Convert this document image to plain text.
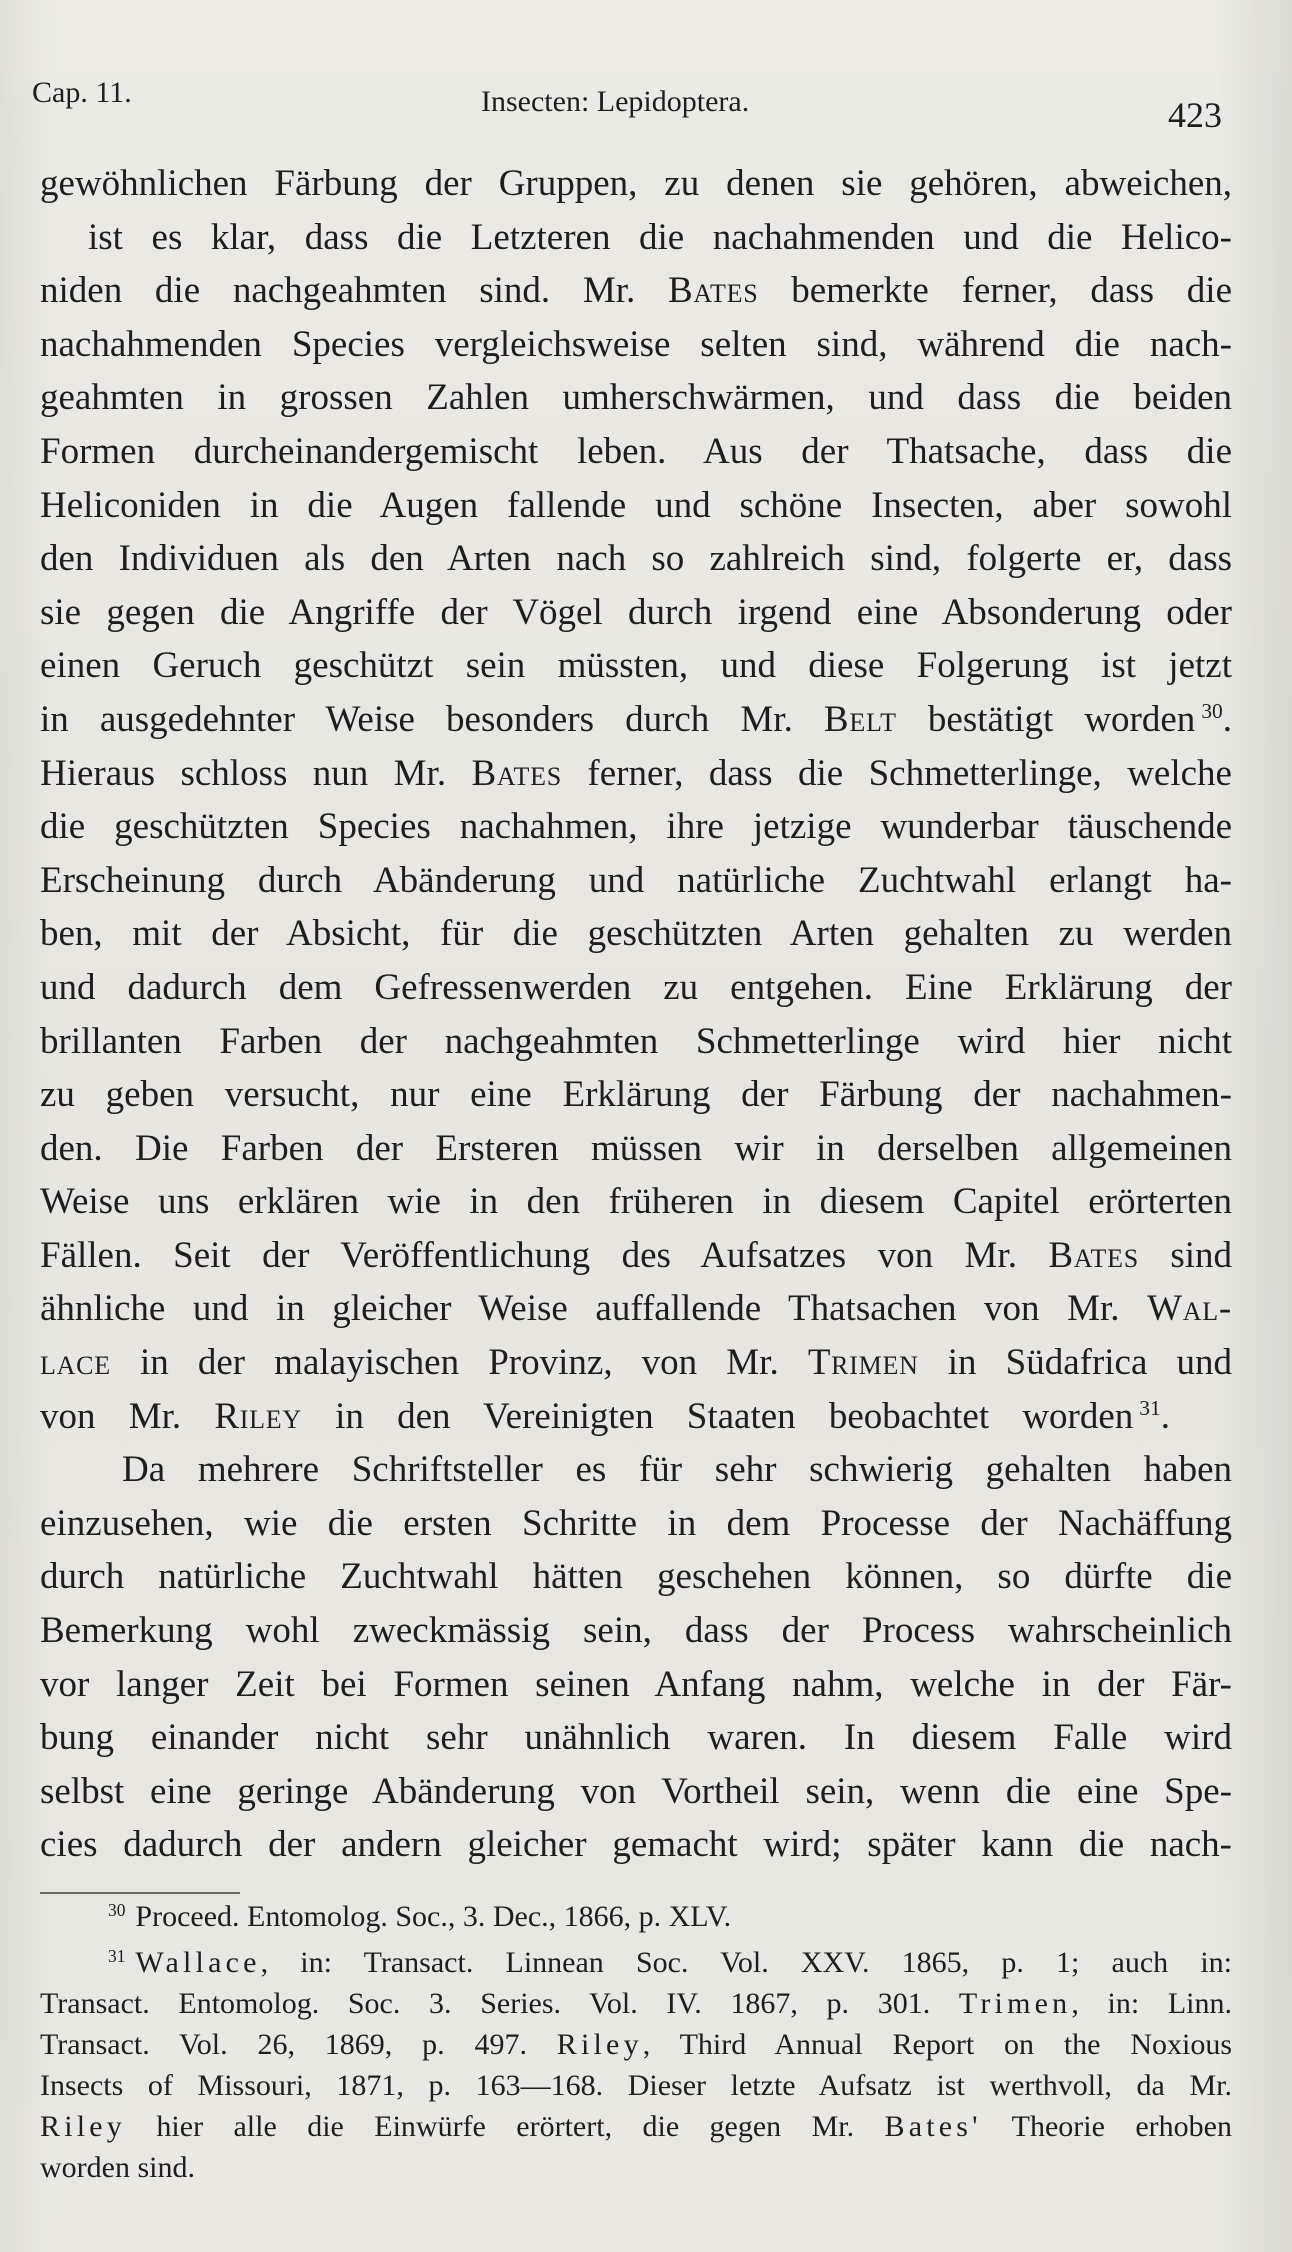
Cap. 11.	Insecten: Lepidoptera.	423
gewöhnlichen Färbung der Gruppen, zu denen sie gehören, abweichen,
ist es klar, dass die Letzteren die nachahmenden und die Helico-
niden die nachgeahmten sind. Mr. Bates bemerkte ferner, dass die
nachahmenden Species vergleichsweise selten sind, während die nach-
geahmten in grossen Zahlen umherschwärmen, und dass die beiden
Formen durcheinandergemischt leben. Aus der Thatsache, dass die
Heliconiden in die Augen fallende und schöne Insecten, aber sowohl
den Individuen als den Arten nach so zahlreich sind, folgerte er, dass
sie gegen die Angriffe der Vögel durch irgend eine Absonderung oder
einen Geruch geschützt sein müssten, und diese Folgerung ist jetzt
in ausgedehnter Weise besonders durch Mr. Belt bestätigt worden $^{30}$.
Hieraus schloss nun Mr. Bates ferner, dass die Schmetterlinge, welche
die geschützten Species nachahmen, ihre jetzige wunderbar täuschende
Erscheinung durch Abänderung und natürliche Zuchtwahl erlangt ha-
ben, mit der Absicht, für die geschützten Arten gehalten zu werden
und dadurch dem Gefressenwerden zu entgehen. Eine Erklärung der
brillanten Farben der nachgeahmten Schmetterlinge wird hier nicht
zu geben versucht, nur eine Erklärung der Färbung der nachahmen-
den. Die Farben der Ersteren müssen wir in derselben allgemeinen
Weise uns erklären wie in den früheren in diesem Capitel erörterten
Fällen. Seit der Veröffentlichung des Aufsatzes von Mr. Bates sind
ähnliche und in gleicher Weise auffallende Thatsachen von Mr. Wal-
lace in der malayischen Provinz, von Mr. Trimen in Südafrica und
von Mr. Riley in den Vereinigten Staaten beobachtet worden $^{31}$.
Da mehrere Schriftsteller es für sehr schwierig gehalten haben
einzusehen, wie die ersten Schritte in dem Processe der Nachäffung
durch natürliche Zuchtwahl hätten geschehen können, so dürfte die
Bemerkung wohl zweckmässig sein, dass der Process wahrscheinlich
vor langer Zeit bei Formen seinen Anfang nahm, welche in der Fär-
bung einander nicht sehr unähnlich waren. In diesem Falle wird
selbst eine geringe Abänderung von Vortheil sein, wenn die eine Spe-
cies dadurch der andern gleicher gemacht wird; später kann die nach-
$^{30}$ Proceed. Entomolog. Soc., 3. Dec., 1866, p. XLV.
$^{31}$ Wallace, in: Transact. Linnean Soc. Vol. XXV. 1865, p. 1; auch in:
Transact. Entomolog. Soc. 3. Series. Vol. IV. 1867, p. 301. Trimen, in: Linn.
Transact. Vol. 26, 1869, p. 497. Riley, Third Annual Report on the Noxious
Insects of Missouri, 1871, p. 163—168. Dieser letzte Aufsatz ist werthvoll, da Mr.
Riley hier alle die Einwürfe erörtert, die gegen Mr. Bates' Theorie erhoben
worden sind.
